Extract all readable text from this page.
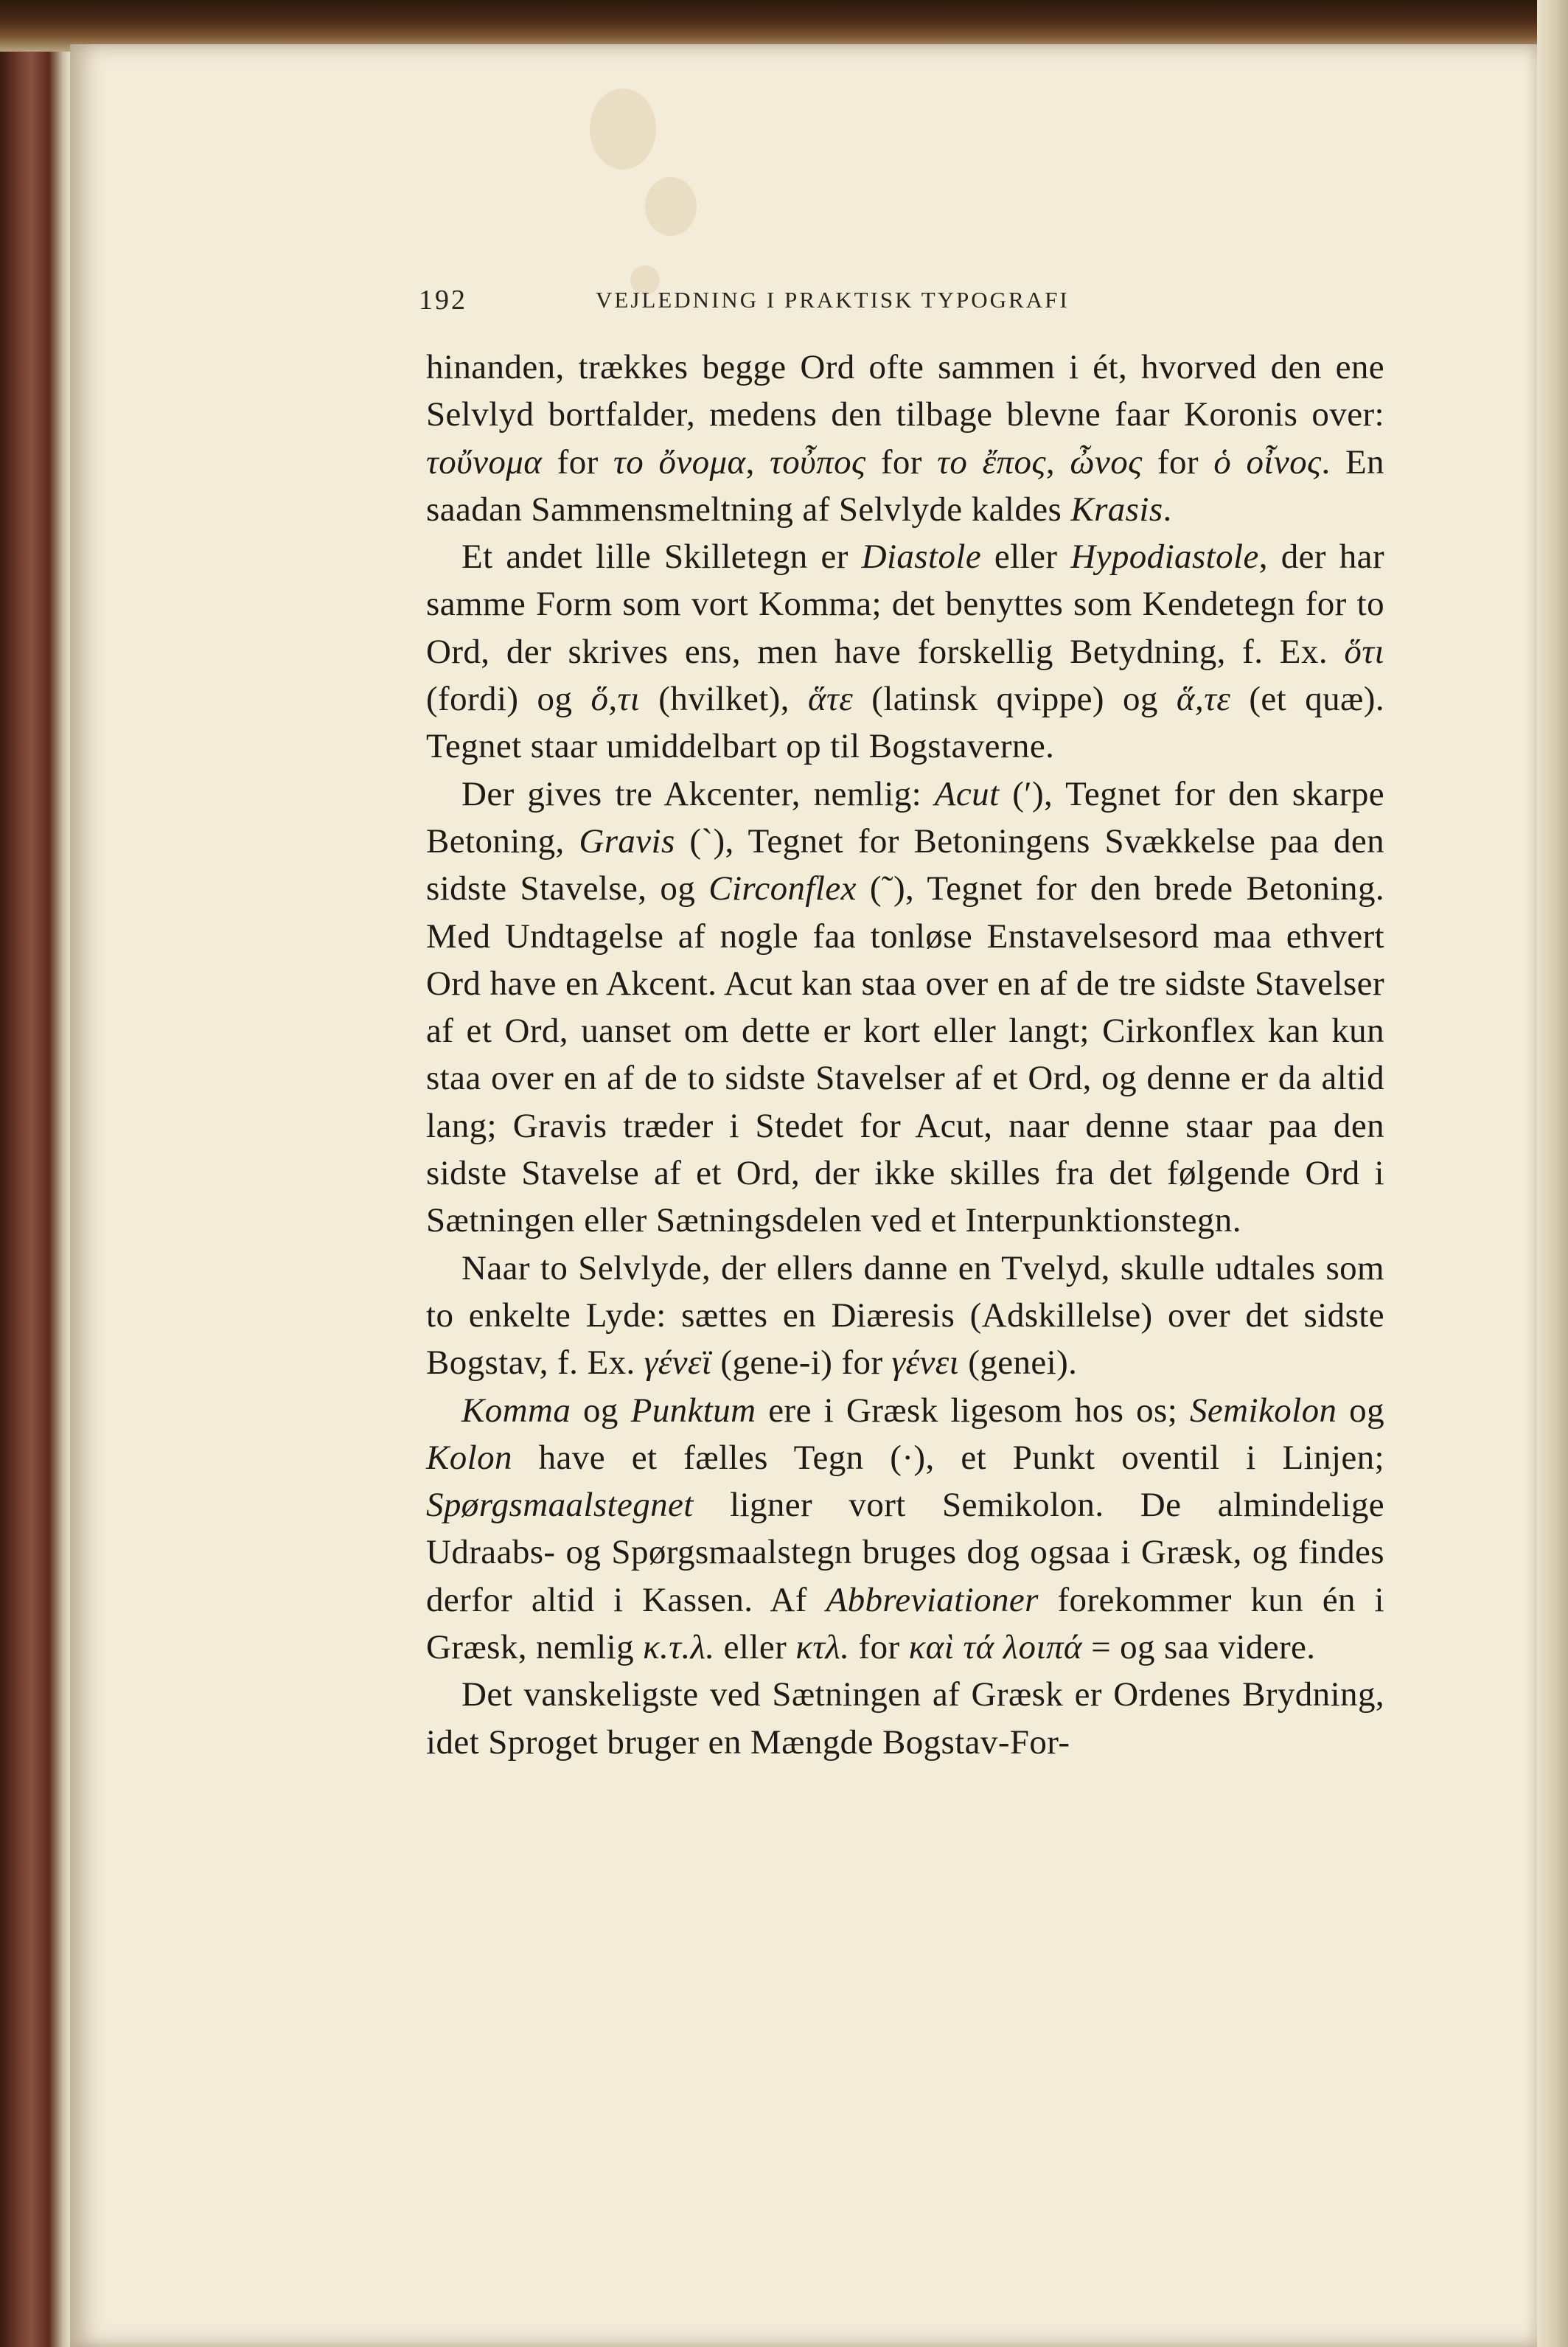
192	VEJLEDNING I PRAKTISK TYPOGRAFI

hinanden, trækkes begge Ord ofte sammen i ét, hvorved den ene Selvlyd bortfalder, medens den tilbage blevne faar Koronis over: τοὔνομα for το ὄνομα, τοὖπος for το ἔπος, ὦνος for ὁ οἶνος. En saadan Sammensmeltning af Selvlyde kaldes Krasis.

Et andet lille Skilletegn er Diastole eller Hypodiastole, der har samme Form som vort Komma; det benyttes som Kendetegn for to Ord, der skrives ens, men have forskellig Betydning, f. Ex. ὅτι (fordi) og ὅ,τι (hvilket), ἅτε (latinsk qvippe) og ἅ,τε (et quæ). Tegnet staar umiddelbart op til Bogstaverne.

Der gives tre Akcenter, nemlig: Acut (′), Tegnet for den skarpe Betoning, Gravis (`), Tegnet for Betoningens Svækkelse paa den sidste Stavelse, og Circonflex (῀), Tegnet for den brede Betoning. Med Undtagelse af nogle faa tonløse Enstavelsesord maa ethvert Ord have en Akcent. Acut kan staa over en af de tre sidste Stavelser af et Ord, uanset om dette er kort eller langt; Cirkonflex kan kun staa over en af de to sidste Stavelser af et Ord, og denne er da altid lang; Gravis træder i Stedet for Acut, naar denne staar paa den sidste Stavelse af et Ord, der ikke skilles fra det følgende Ord i Sætningen eller Sætningsdelen ved et Interpunktionstegn.

Naar to Selvlyde, der ellers danne en Tvelyd, skulle udtales som to enkelte Lyde: sættes en Diæresis (Adskillelse) over det sidste Bogstav, f. Ex. γένεϊ (gene-i) for γένει (genei).

Komma og Punktum ere i Græsk ligesom hos os; Semikolon og Kolon have et fælles Tegn (·), et Punkt oventil i Linjen; Spørgsmaalstegnet ligner vort Semikolon. De almindelige Udraabs- og Spørgsmaalstegn bruges dog ogsaa i Græsk, og findes derfor altid i Kassen. Af Abbreviationer forekommer kun én i Græsk, nemlig κ.τ.λ. eller κτλ. for καὶ τά λοιπά = og saa videre.

Det vanskeligste ved Sætningen af Græsk er Ordenes Brydning, idet Sproget bruger en Mængde Bogstav-For-
